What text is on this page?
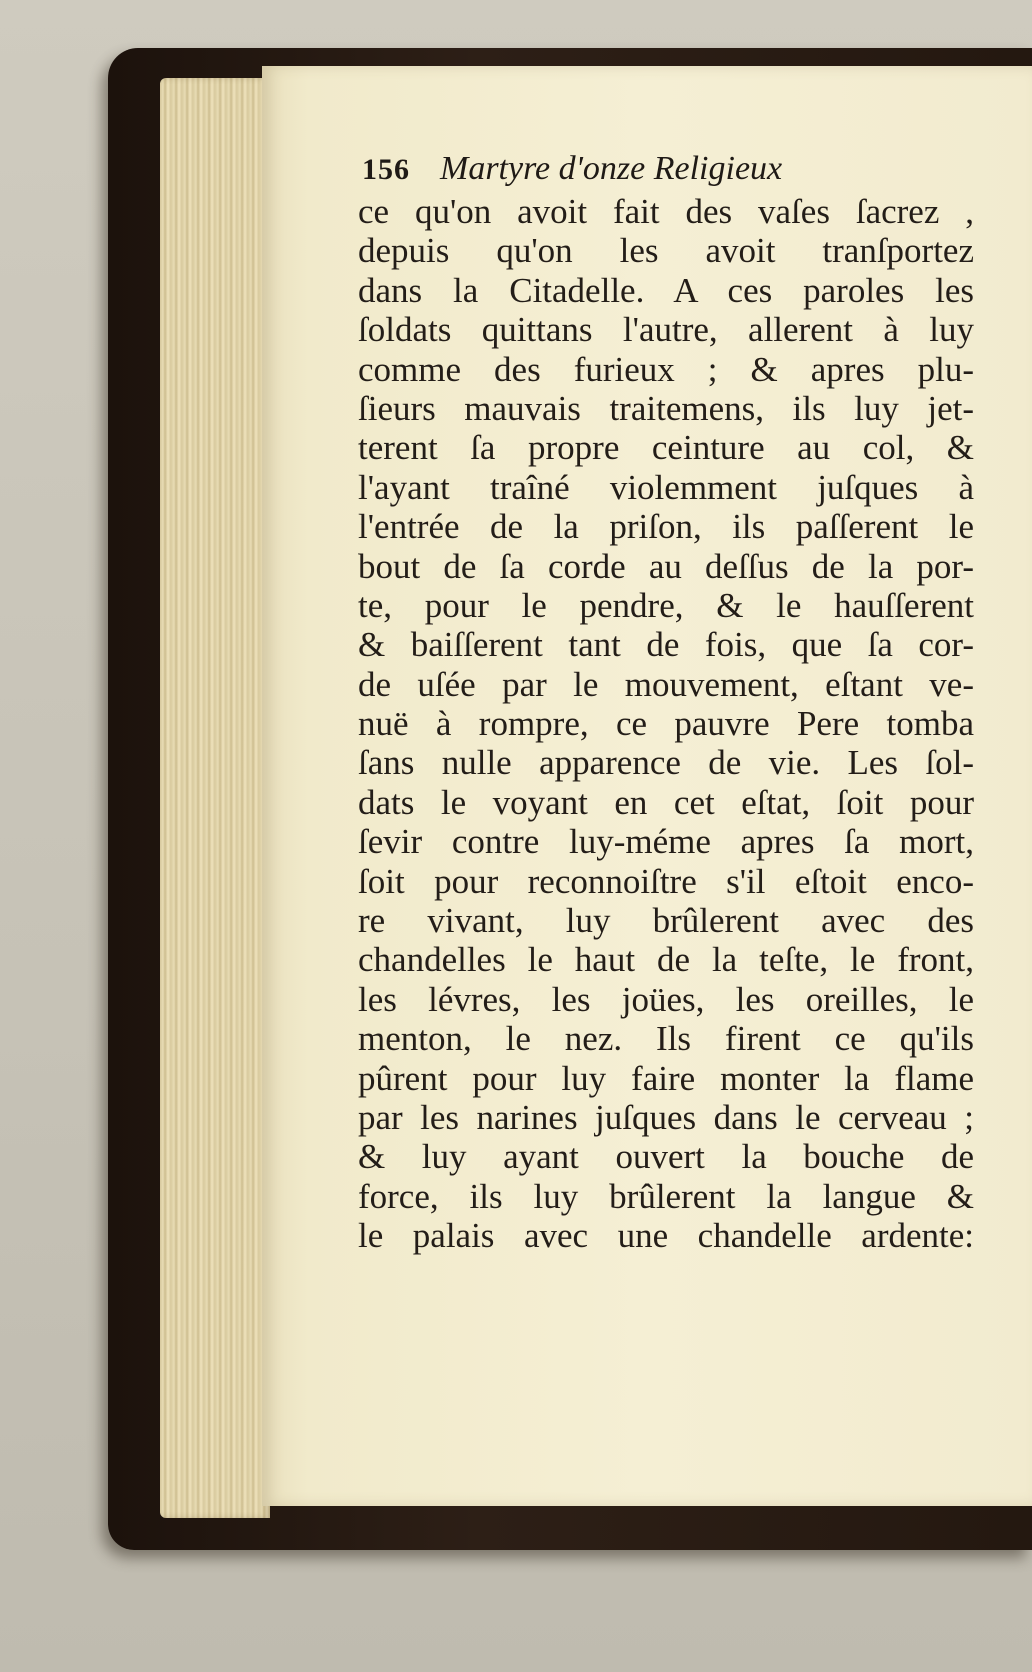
156 Martyre d'onze Religieux
ce qu'on avoit fait des vaſes ſacrez ,
depuis qu'on les avoit tranſportez
dans la Citadelle. A ces paroles les
ſoldats quittans l'autre, allerent à luy
comme des furieux ; & apres plu-
ſieurs mauvais traitemens, ils luy jet-
terent ſa propre ceinture au col, &
l'ayant traîné violemment juſques à
l'entrée de la priſon, ils paſſerent le
bout de ſa corde au deſſus de la por-
te, pour le pendre, & le hauſſerent
& baiſſerent tant de fois, que ſa cor-
de uſée par le mouvement, eſtant ve-
nuë à rompre, ce pauvre Pere tomba
ſans nulle apparence de vie. Les ſol-
dats le voyant en cet eſtat, ſoit pour
ſevir contre luy-méme apres ſa mort,
ſoit pour reconnoiſtre s'il eſtoit enco-
re vivant, luy brûlerent avec des
chandelles le haut de la teſte, le front,
les lévres, les joües, les oreilles, le
menton, le nez. Ils firent ce qu'ils
pûrent pour luy faire monter la flame
par les narines juſques dans le cerveau ;
& luy ayant ouvert la bouche de
force, ils luy brûlerent la langue &
le palais avec une chandelle ardente:
